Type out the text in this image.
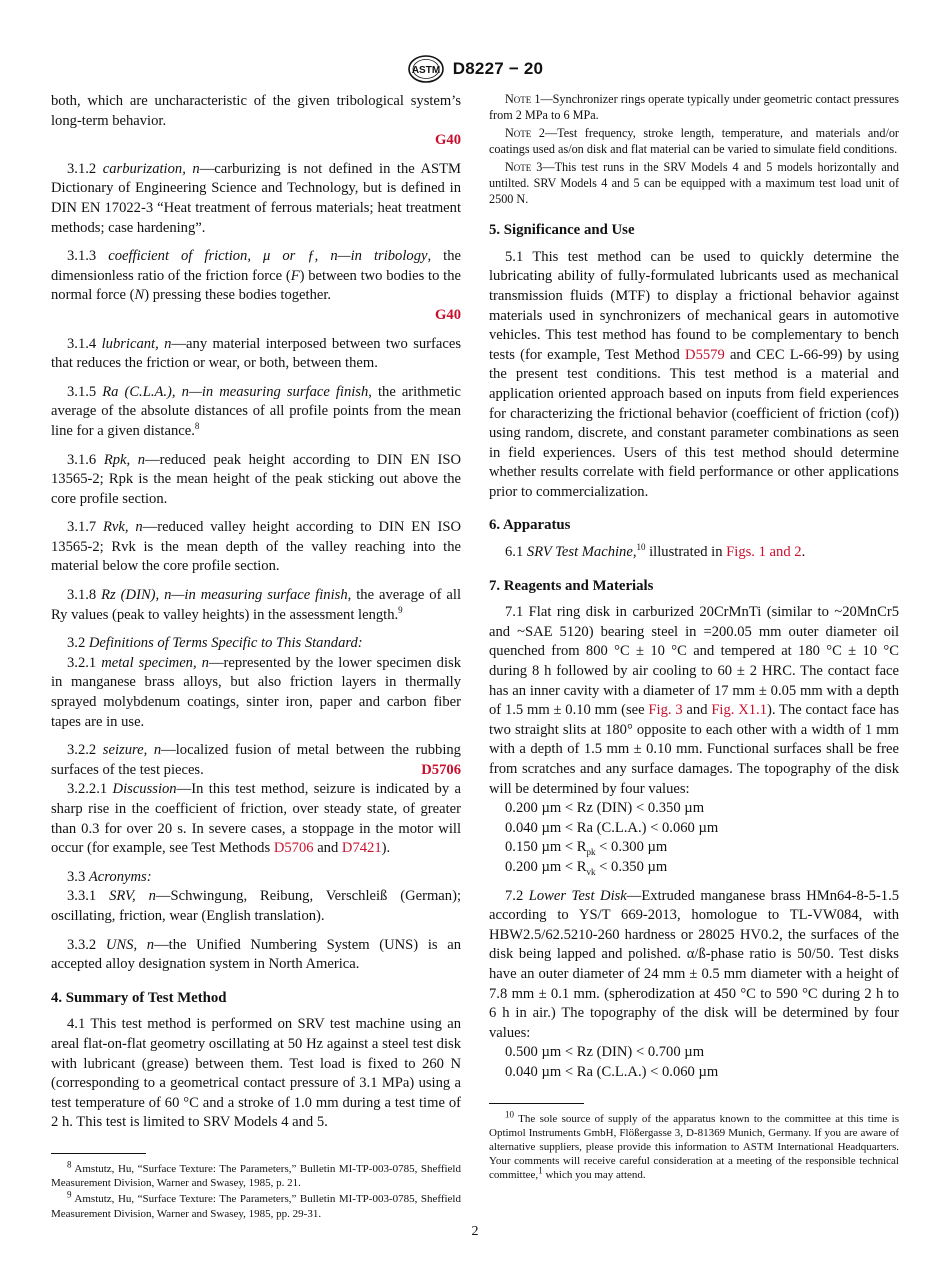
ASTM D8227 − 20

both, which are uncharacteristic of the given tribological system’s long-term behavior.
G40

3.1.2 carburization, n—carburizing is not defined in the ASTM Dictionary of Engineering Science and Technology, but is defined in DIN EN 17022-3 “Heat treatment of ferrous materials; heat treatment methods; case hardening”.

3.1.3 coefficient of friction, μ or ƒ, n—in tribology, the dimensionless ratio of the friction force (F) between two bodies to the normal force (N) pressing these bodies together.
G40

3.1.4 lubricant, n—any material interposed between two surfaces that reduces the friction or wear, or both, between them.

3.1.5 Ra (C.L.A.), n—in measuring surface finish, the arithmetic average of the absolute distances of all profile points from the mean line for a given distance.$^8$

3.1.6 Rpk, n—reduced peak height according to DIN EN ISO 13565-2; Rpk is the mean height of the peak sticking out above the core profile section.

3.1.7 Rvk, n—reduced valley height according to DIN EN ISO 13565-2; Rvk is the mean depth of the valley reaching into the material below the core profile section.

3.1.8 Rz (DIN), n—in measuring surface finish, the average of all Ry values (peak to valley heights) in the assessment length.$^9$

3.2 Definitions of Terms Specific to This Standard:

3.2.1 metal specimen, n—represented by the lower specimen disk in manganese brass alloys, but also friction layers in thermally sprayed molybdenum coatings, sinter iron, paper and carbon fiber tapes are in use.

3.2.2 seizure, n—localized fusion of metal between the rubbing surfaces of the test pieces.	D5706

3.2.2.1 Discussion—In this test method, seizure is indicated by a sharp rise in the coefficient of friction, over steady state, of greater than 0.3 for over 20 s. In severe cases, a stoppage in the motor will occur (for example, see Test Methods D5706 and D7421).

3.3 Acronyms:

3.3.1 SRV, n—Schwingung, Reibung, Verschleiß (German); oscillating, friction, wear (English translation).

3.3.2 UNS, n—the Unified Numbering System (UNS) is an accepted alloy designation system in North America.

4. Summary of Test Method

4.1 This test method is performed on SRV test machine using an areal flat-on-flat geometry oscillating at 50 Hz against a steel test disk with lubricant (grease) between them. Test load is fixed to 260 N (corresponding to a geometrical contact pressure of 3.1 MPa) using a test temperature of 60 °C and a stroke of 1.0 mm during a test time of 2 h. This test is limited to SRV Models 4 and 5.

$^8$ Amstutz, Hu, “Surface Texture: The Parameters,” Bulletin MI-TP-003-0785, Sheffield Measurement Division, Warner and Swasey, 1985, p. 21.

$^9$ Amstutz, Hu, “Surface Texture: The Parameters,” Bulletin MI-TP-003-0785, Sheffield Measurement Division, Warner and Swasey, 1985, pp. 29-31.

Note 1—Synchronizer rings operate typically under geometric contact pressures from 2 MPa to 6 MPa.

Note 2—Test frequency, stroke length, temperature, and materials and/or coatings used as/on disk and flat material can be varied to simulate field conditions.

Note 3—This test runs in the SRV Models 4 and 5 models horizontally and untilted. SRV Models 4 and 5 can be equipped with a maximum test load unit of 2500 N.

5. Significance and Use

5.1 This test method can be used to quickly determine the lubricating ability of fully-formulated lubricants used as mechanical transmission fluids (MTF) to display a frictional behavior against materials used in synchronizers of mechanical gears in automotive vehicles. This test method has found to be complementary to bench tests (for example, Test Method D5579 and CEC L-66-99) by using the present test conditions. This test method is a material and application oriented approach based on inputs from field experiences for characterizing the frictional behavior (coefficient of friction (cof)) using random, discrete, and constant parameter combinations as seen in field experiences. Users of this test method should determine whether results correlate with field performance or other applications prior to commercialization.

6. Apparatus

6.1 SRV Test Machine,$^{10}$ illustrated in Figs. 1 and 2.

7. Reagents and Materials

7.1 Flat ring disk in carburized 20CrMnTi (similar to ~20MnCr5 and ~SAE 5120) bearing steel in =200.05 mm outer diameter oil quenched from 800 °C ± 10 °C and tempered at 180 °C ± 10 °C during 8 h followed by air cooling to 60 ± 2 HRC. The contact face has an inner cavity with a diameter of 17 mm ± 0.05 mm with a depth of 1.5 mm ± 0.10 mm (see Fig. 3 and Fig. X1.1). The contact face has two straight slits at 180° opposite to each other with a width of 1 mm with a depth of 1.5 mm ± 0.10 mm. Functional surfaces shall be free from scratches and any surface damages. The topography of the disk will be determined by four values:

0.200 µm < Rz (DIN) < 0.350 µm
0.040 µm < Ra (C.L.A.) < 0.060 µm
0.150 $\mu m < R_{pk} < 0.300$ µm
0.200 $\mu m < R_{vk} < 0.350$ µm

7.2 Lower Test Disk—Extruded manganese brass HMn64-8-5-1.5 according to YS/T 669-2013, homologue to TL-VW084, with HBW2.5/62.5210-260 hardness or 28025 HV0.2, the surfaces of the disk being lapped and polished. α/ß-phase ratio is 50/50. Test disks have an outer diameter of 24 mm ± 0.5 mm diameter with a height of 7.8 mm ± 0.1 mm. (spherodization at 450 °C to 590 °C during 2 h to 6 h in air.) The topography of the disk will be determined by four values:

0.500 µm < Rz (DIN) < 0.700 µm
0.040 µm < Ra (C.L.A.) < 0.060 µm

$^{10}$ The sole source of supply of the apparatus known to the committee at this time is Optimol Instruments GmbH, Flößergasse 3, D-81369 Munich, Germany. If you are aware of alternative suppliers, please provide this information to ASTM International Headquarters. Your comments will receive careful consideration at a meeting of the responsible technical committee,$^1$ which you may attend.

2
